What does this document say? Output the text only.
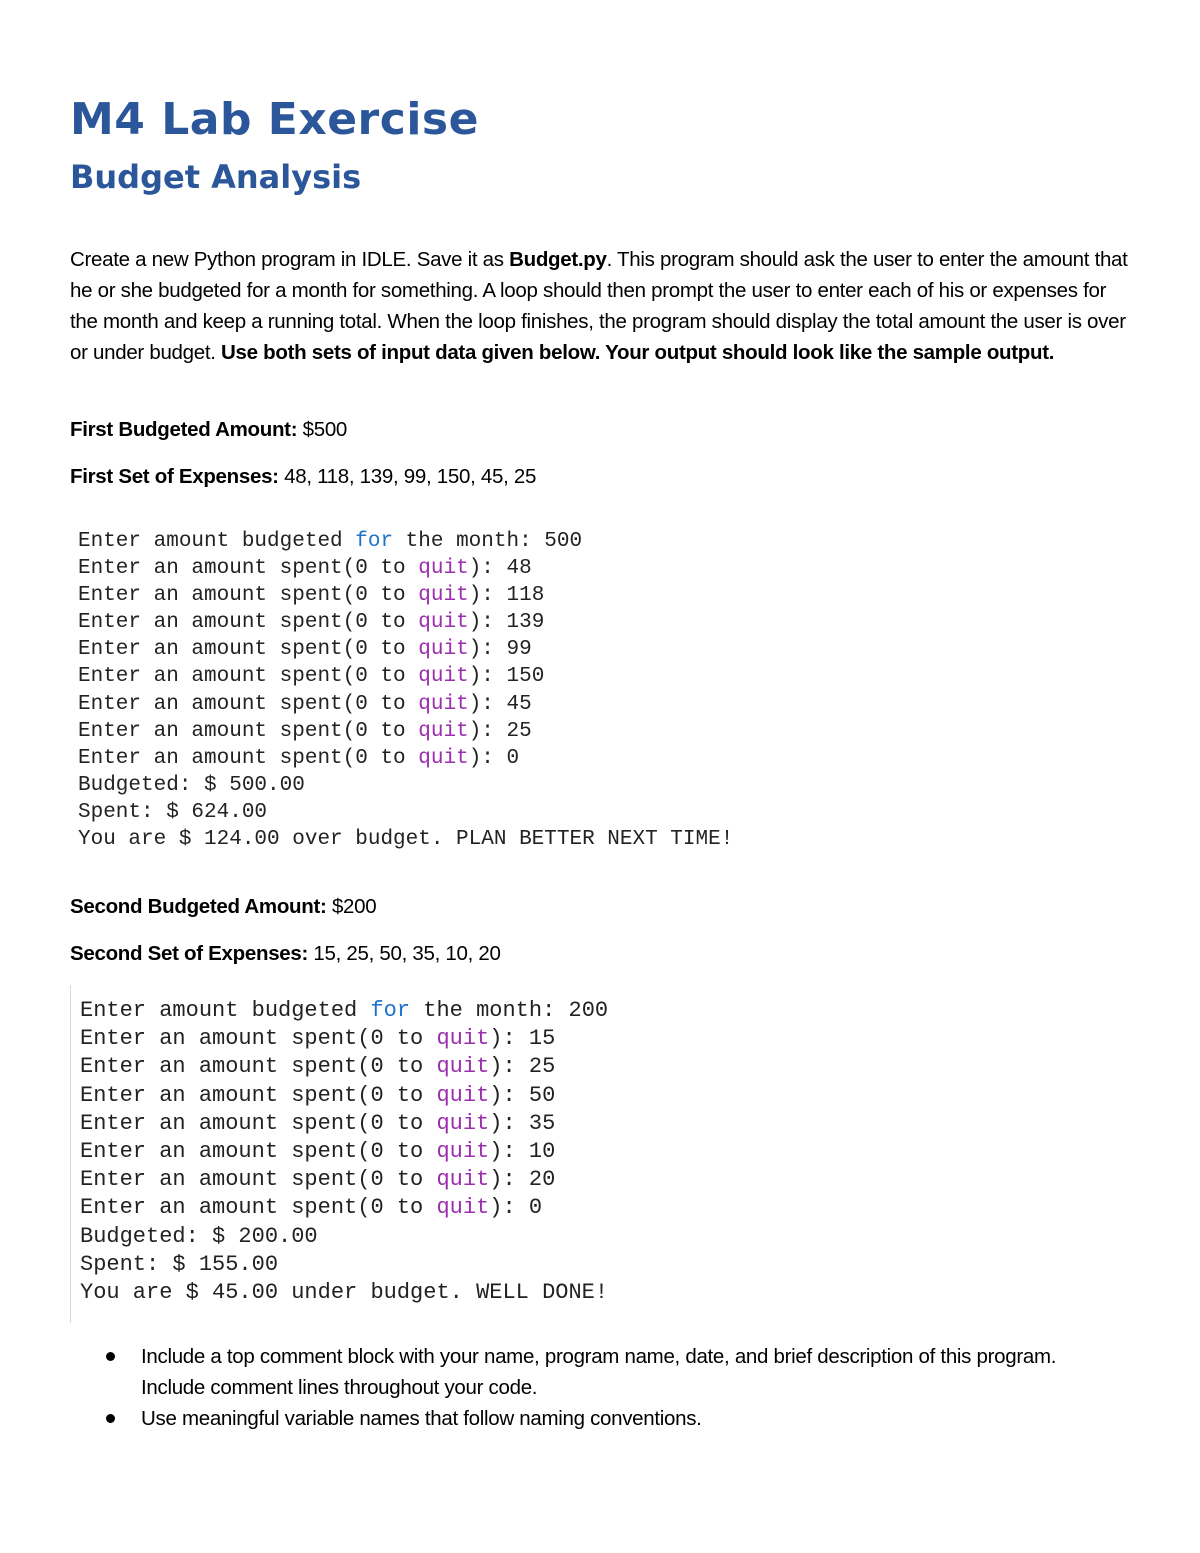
M4 Lab Exercise
Budget Analysis

Create a new Python program in IDLE. Save it as Budget.py. This program should ask the user to enter the amount that he or she budgeted for a month for something. A loop should then prompt the user to enter each of his or expenses for the month and keep a running total. When the loop finishes, the program should display the total amount the user is over or under budget. Use both sets of input data given below. Your output should look like the sample output.

First Budgeted Amount: $500

First Set of Expenses: 48, 118, 139, 99, 150, 45, 25

Enter amount budgeted for the month: 500
Enter an amount spent(0 to quit): 48
Enter an amount spent(0 to quit): 118
Enter an amount spent(0 to quit): 139
Enter an amount spent(0 to quit): 99
Enter an amount spent(0 to quit): 150
Enter an amount spent(0 to quit): 45
Enter an amount spent(0 to quit): 25
Enter an amount spent(0 to quit): 0
Budgeted: $ 500.00
Spent: $ 624.00
You are $ 124.00 over budget. PLAN BETTER NEXT TIME!

Second Budgeted Amount: $200

Second Set of Expenses: 15, 25, 50, 35, 10, 20

Enter amount budgeted for the month: 200
Enter an amount spent(0 to quit): 15
Enter an amount spent(0 to quit): 25
Enter an amount spent(0 to quit): 50
Enter an amount spent(0 to quit): 35
Enter an amount spent(0 to quit): 10
Enter an amount spent(0 to quit): 20
Enter an amount spent(0 to quit): 0
Budgeted: $ 200.00
Spent: $ 155.00
You are $ 45.00 under budget. WELL DONE!
Include a top comment block with your name, program name, date, and brief description of this program. Include comment lines throughout your code.
Use meaningful variable names that follow naming conventions.
